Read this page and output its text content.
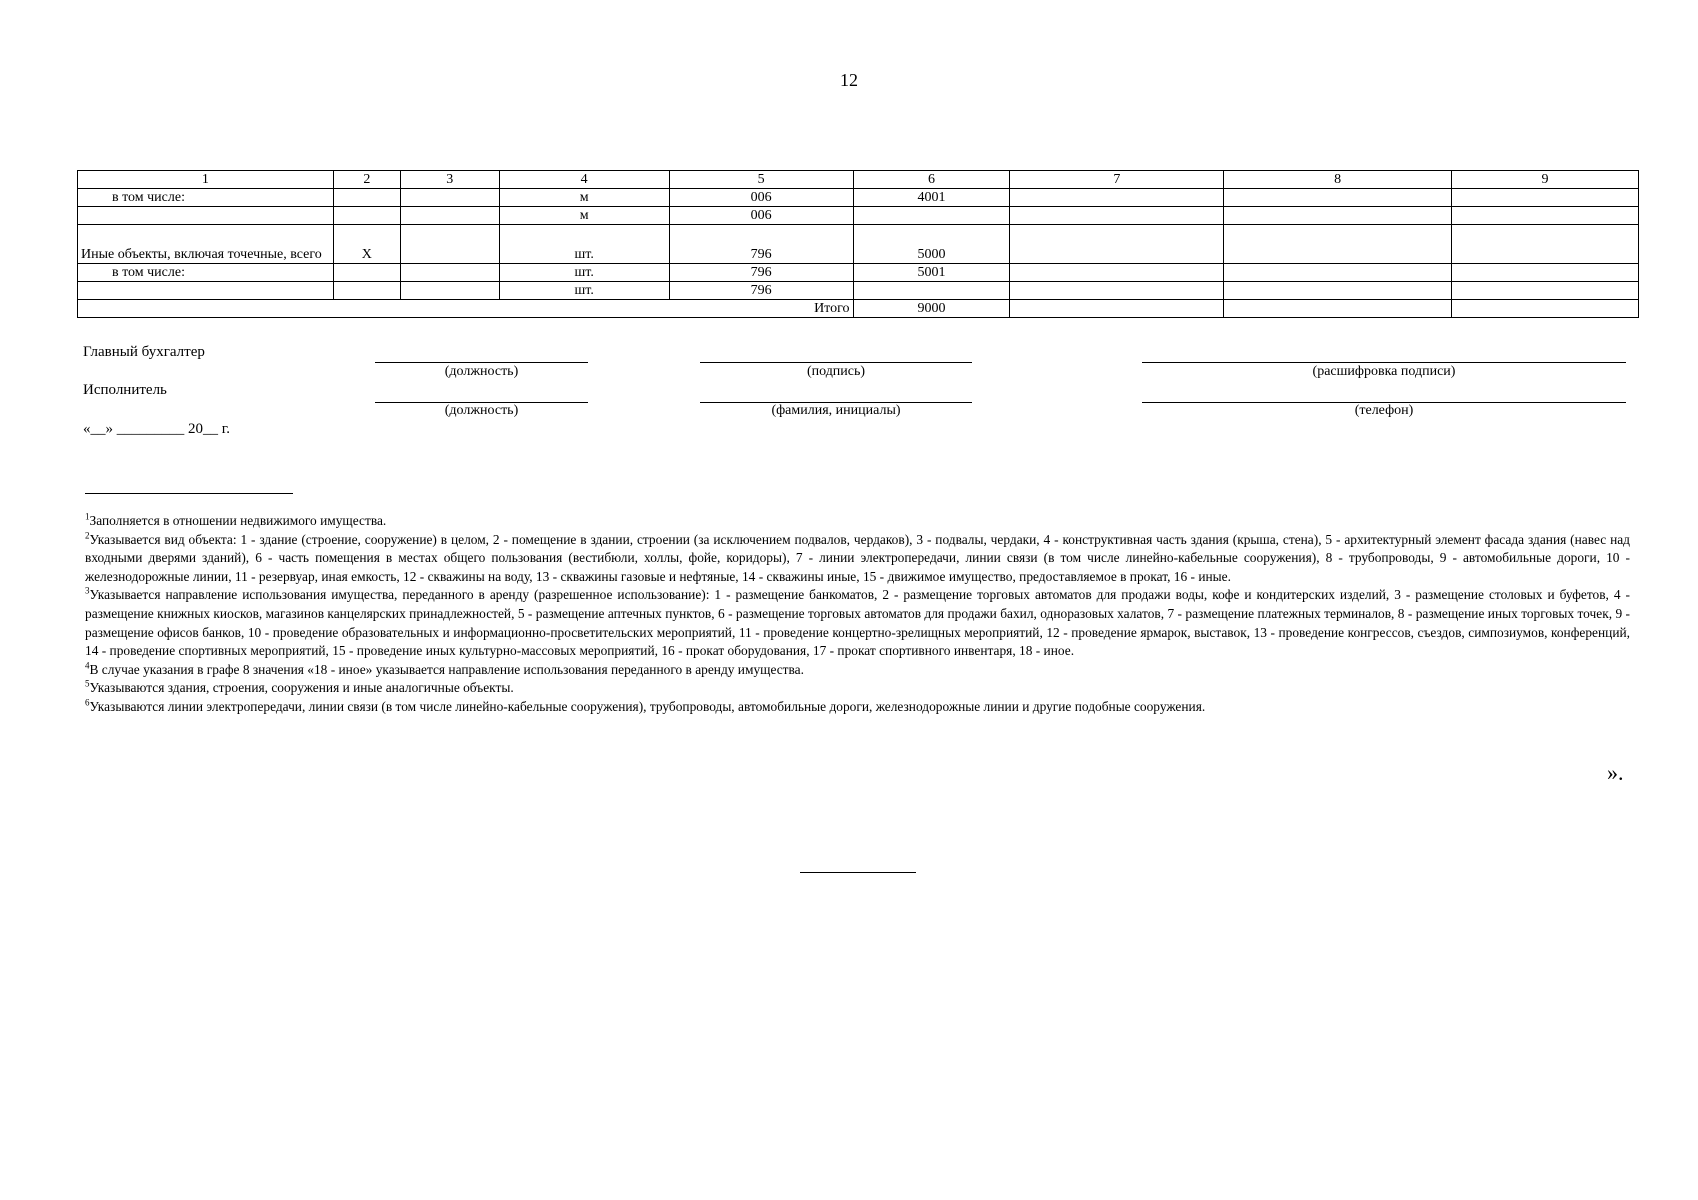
12
1	2	3	4	5	6	7	8	9
в том числе:			м	006	4001			
			м	006				
Иные объекты, включая точечные, всего	Х		шт.	796	5000			
в том числе:			шт.	796	5001			
			шт.	796				
Итого					9000			
Главный бухгалтер
(должность)	(подпись)	(расшифровка подписи)
Исполнитель
(должность)	(фамилия, инициалы)	(телефон)
«__» _________ 20__ г.

$^1$Заполняется в отношении недвижимого имущества.

$^2$Указывается вид объекта: 1 - здание (строение, сооружение) в целом, 2 - помещение в здании, строении (за исключением подвалов, чердаков), 3 - подвалы, чердаки, 4 - конструктивная часть здания (крыша, стена), 5 - архитектурный элемент фасада здания (навес над входными дверями зданий), 6 - часть помещения в местах общего пользования (вестибюли, холлы, фойе, коридоры), 7 - линии электропередачи, линии связи (в том числе линейно-кабельные сооружения), 8 - трубопроводы, 9 - автомобильные дороги, 10 - железнодорожные линии, 11 - резервуар, иная емкость, 12 - скважины на воду, 13 - скважины газовые и нефтяные, 14 - скважины иные, 15 - движимое имущество, предоставляемое в прокат, 16 - иные.

$^3$Указывается направление использования имущества, переданного в аренду (разрешенное использование): 1 - размещение банкоматов, 2 - размещение торговых автоматов для продажи воды, кофе и кондитерских изделий, 3 - размещение столовых и буфетов, 4 - размещение книжных киосков, магазинов канцелярских принадлежностей, 5 - размещение аптечных пунктов, 6 - размещение торговых автоматов для продажи бахил, одноразовых халатов, 7 - размещение платежных терминалов, 8 - размещение иных торговых точек, 9 - размещение офисов банков, 10 - проведение образовательных и информационно-просветительских мероприятий, 11 - проведение концертно-зрелищных мероприятий, 12 - проведение ярмарок, выставок, 13 - проведение конгрессов, съездов, симпозиумов, конференций, 14 - проведение спортивных мероприятий, 15 - проведение иных культурно-массовых мероприятий, 16 - прокат оборудования, 17 - прокат спортивного инвентаря, 18 - иное.

$^4$В случае указания в графе 8 значения «18 - иное» указывается направление использования переданного в аренду имущества.

$^5$Указываются здания, строения, сооружения и иные аналогичные объекты.

$^6$Указываются линии электропередачи, линии связи (в том числе линейно-кабельные сооружения), трубопроводы, автомобильные дороги, железнодорожные линии и другие подобные сооружения.

».
